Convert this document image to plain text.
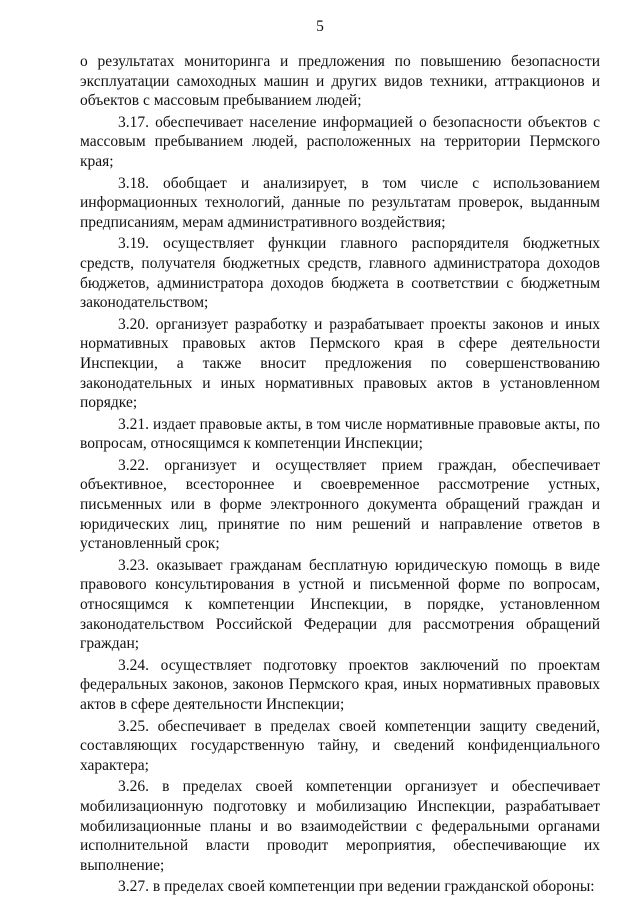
5

о результатах мониторинга и предложения по повышению безопасности эксплуатации самоходных машин и других видов техники, аттракционов и объектов с массовым пребыванием людей;

3.17. обеспечивает население информацией о безопасности объектов с массовым пребыванием людей, расположенных на территории Пермского края;

3.18. обобщает и анализирует, в том числе с использованием информационных технологий, данные по результатам проверок, выданным предписаниям, мерам административного воздействия;

3.19. осуществляет функции главного распорядителя бюджетных средств, получателя бюджетных средств, главного администратора доходов бюджетов, администратора доходов бюджета в соответствии с бюджетным законодательством;

3.20. организует разработку и разрабатывает проекты законов и иных нормативных правовых актов Пермского края в сфере деятельности Инспекции, а также вносит предложения по совершенствованию законодательных и иных нормативных правовых актов в установленном порядке;

3.21. издает правовые акты, в том числе нормативные правовые акты, по вопросам, относящимся к компетенции Инспекции;

3.22. организует и осуществляет прием граждан, обеспечивает объективное, всестороннее и своевременное рассмотрение устных, письменных или в форме электронного документа обращений граждан и юридических лиц, принятие по ним решений и направление ответов в установленный срок;

3.23. оказывает гражданам бесплатную юридическую помощь в виде правового консультирования в устной и письменной форме по вопросам, относящимся к компетенции Инспекции, в порядке, установленном законодательством Российской Федерации для рассмотрения обращений граждан;

3.24. осуществляет подготовку проектов заключений по проектам федеральных законов, законов Пермского края, иных нормативных правовых актов в сфере деятельности Инспекции;

3.25. обеспечивает в пределах своей компетенции защиту сведений, составляющих государственную тайну, и сведений конфиденциального характера;

3.26. в пределах своей компетенции организует и обеспечивает мобилизационную подготовку и мобилизацию Инспекции, разрабатывает мобилизационные планы и во взаимодействии с федеральными органами исполнительной власти проводит мероприятия, обеспечивающие их выполнение;

3.27. в пределах своей компетенции при ведении гражданской обороны:
